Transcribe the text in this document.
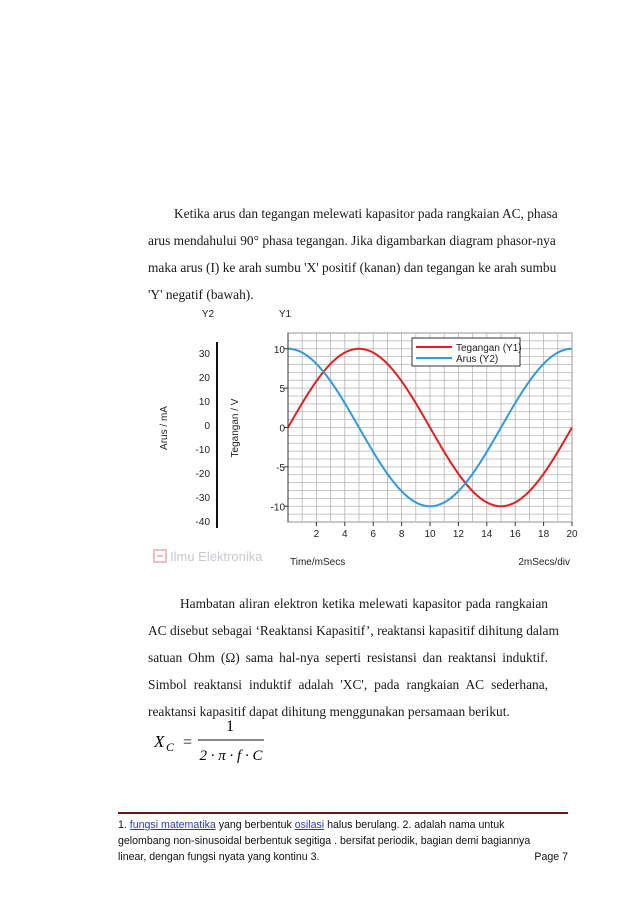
Ketika arus dan tegangan melewati kapasitor pada rangkaian AC, phasa
arus mendahului 90° phasa tegangan. Jika digambarkan diagram phasor-nya
maka arus (I) ke arah sumbu 'X' positif (kanan) dan tegangan ke arah sumbu
'Y' negatif (bawah).
10
5
0
-5
-10
2 4 6 8 10 12 14 16 18 20
30
20
10
0
-10
-20
-30
-40
Tegangan (Y1)
Arus (Y2)
Y2	Y1
Arus / mA	Tegangan / V
Time/mSecs	2mSecs/div
Ilmu Elektronika
Hambatan aliran elektron ketika melewati kapasitor pada rangkaian
AC disebut sebagai ‘Reaktansi Kapasitif’, reaktansi kapasitif dihitung dalam
satuan Ohm (Ω) sama hal-nya seperti resistansi dan reaktansi induktif.
Simbol reaktansi induktif adalah 'XC', pada rangkaian AC sederhana,
reaktansi kapasitif dapat dihitung menggunakan persamaan berikut.
X C =
1
2 · π · f · C
1. fungsi matematika yang berbentuk osilasi halus berulang. 2. adalah nama untuk
gelombang non-sinusoidal berbentuk segitiga . bersifat periodik, bagian demi bagiannya
linear, dengan fungsi nyata yang kontinu 3.	Page 7
